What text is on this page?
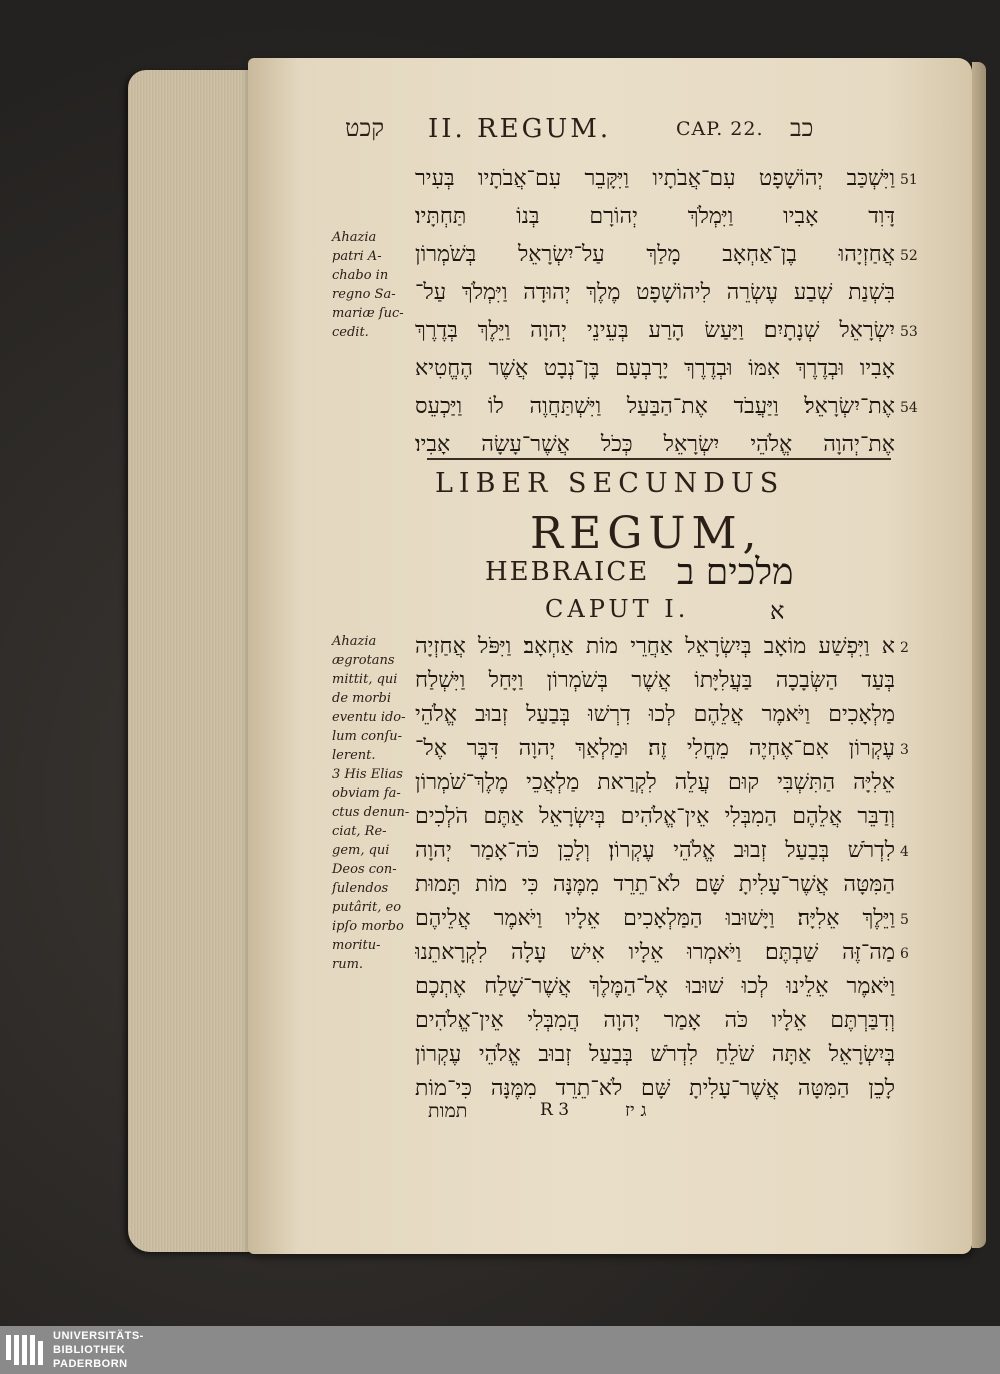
קכט II. REGUM.	CAP. 22. כב
וַיִּשְׁכַּב יְהוֹשָׁפָט עִם־אֲבֹתָיו וַיִּקָּבֵר עִם־אֲבֹתָיו בְּעִיר 51
דָּוִד אָבִיו וַיִּמְלֹךְ יְהוֹרָם בְּנוֹ תַּחְתָּיו׃
אֲחַזְיָהוּ בֶן־אַחְאָב מָלַךְ עַל־יִשְׂרָאֵל בְּשֹׁמְרוֹן 52
בִּשְׁנַת שְׁבַע עֶשְׂרֵה לִיהוֹשָׁפָט מֶלֶךְ יְהוּדָה וַיִּמְלֹךְ עַל־
יִשְׂרָאֵל שְׁנָתָיִם׃ וַיַּעַשׂ הָרַע בְּעֵינֵי יְהוָה וַיֵּלֶךְ בְּדֶרֶךְ 53
אָבִיו וּבְדֶרֶךְ אִמּוֹ וּבְדֶרֶךְ יָרָבְעָם בֶּן־נְבָט אֲשֶׁר הֶחֱטִיא
אֶת־יִשְׂרָאֵל׃ וַיַּעֲבֹד אֶת־הַבַּעַל וַיִּשְׁתַּחֲוֶה לוֹ וַיַּכְעֵס 54
אֶת־יְהוָה אֱלֹהֵי יִשְׂרָאֵל כְּכֹל אֲשֶׁר־עָשָׂה אָבִיו׃
Ahazia
patri A-
chabo in
regno Sa-
mariæ ſuc-
cedit.
LIBER SECUNDUS
REGUM,
HEBRAICE מלכים ב
CAPUT I.	א
א וַיִּפְשַׁע מוֹאָב בְּיִשְׂרָאֵל אַחֲרֵי מוֹת אַחְאָב׃ וַיִּפֹּל אֲחַזְיָה 2
בְּעַד הַשְּׂבָכָה בַּעֲלִיָּתוֹ אֲשֶׁר בְּשֹׁמְרוֹן וַיָּחַל וַיִּשְׁלַח
מַלְאָכִים וַיֹּאמֶר אֲלֵהֶם לְכוּ דִרְשׁוּ בְּבַעַל זְבוּב אֱלֹהֵי
עֶקְרוֹן אִם־אֶחְיֶה מֵחֳלִי זֶה׃ וּמַלְאַךְ יְהוָה דִּבֶּר אֶל־ 3
אֵלִיָּה הַתִּשְׁבִּי קוּם עֲלֵה לִקְרַאת מַלְאֲכֵי מֶלֶךְ־שֹׁמְרוֹן
וְדַבֵּר אֲלֵהֶם הַמִבְּלִי אֵין־אֱלֹהִים בְּיִשְׂרָאֵל אַתֶּם הֹלְכִים
לִדְרֹשׁ בְּבַעַל זְבוּב אֱלֹהֵי עֶקְרוֹן׃ וְלָכֵן כֹּה־אָמַר יְהוָה 4
הַמִּטָּה אֲשֶׁר־עָלִיתָ שָּׁם לֹא־תֵרֵד מִמֶּנָּה כִּי מוֹת תָּמוּת
וַיֵּלֶךְ אֵלִיָּה׃ וַיָּשׁוּבוּ הַמַּלְאָכִים אֵלָיו וַיֹּאמֶר אֲלֵיהֶם 5
מַה־זֶּה שַׁבְתֶּם׃ וַיֹּאמְרוּ אֵלָיו אִישׁ עָלָה לִקְרָאתֵנוּ 6
וַיֹּאמֶר אֵלֵינוּ לְכוּ שׁוּבוּ אֶל־הַמֶּלֶךְ אֲשֶׁר־שָׁלַח אֶתְכֶם
וְדִבַּרְתֶּם אֵלָיו כֹּה אָמַר יְהוָה הֲמִבְּלִי אֵין־אֱלֹהִים
בְּיִשְׂרָאֵל אַתָּה שֹׁלֵחַ לִדְרֹשׁ בְּבַעַל זְבוּב אֱלֹהֵי עֶקְרוֹן
לָכֵן הַמִּטָּה אֲשֶׁר־עָלִיתָ שָּׁם לֹא־תֵרֵד מִמֶּנָּה כִּי־מוֹת
Ahazia
ægrotans
mittit, qui
de morbi
eventu ido-
lum conſu-
lerent.
3 His Elias
obviam fa-
ctus denun-
ciat, Re-
gem, qui
Deos con-
ſulendos
putârit, eo
ipſo morbo
moritu-
rum.
תמות	R 3	ג יז
UNIVERSITÄTS-
BIBLIOTHEK
PADERBORN
